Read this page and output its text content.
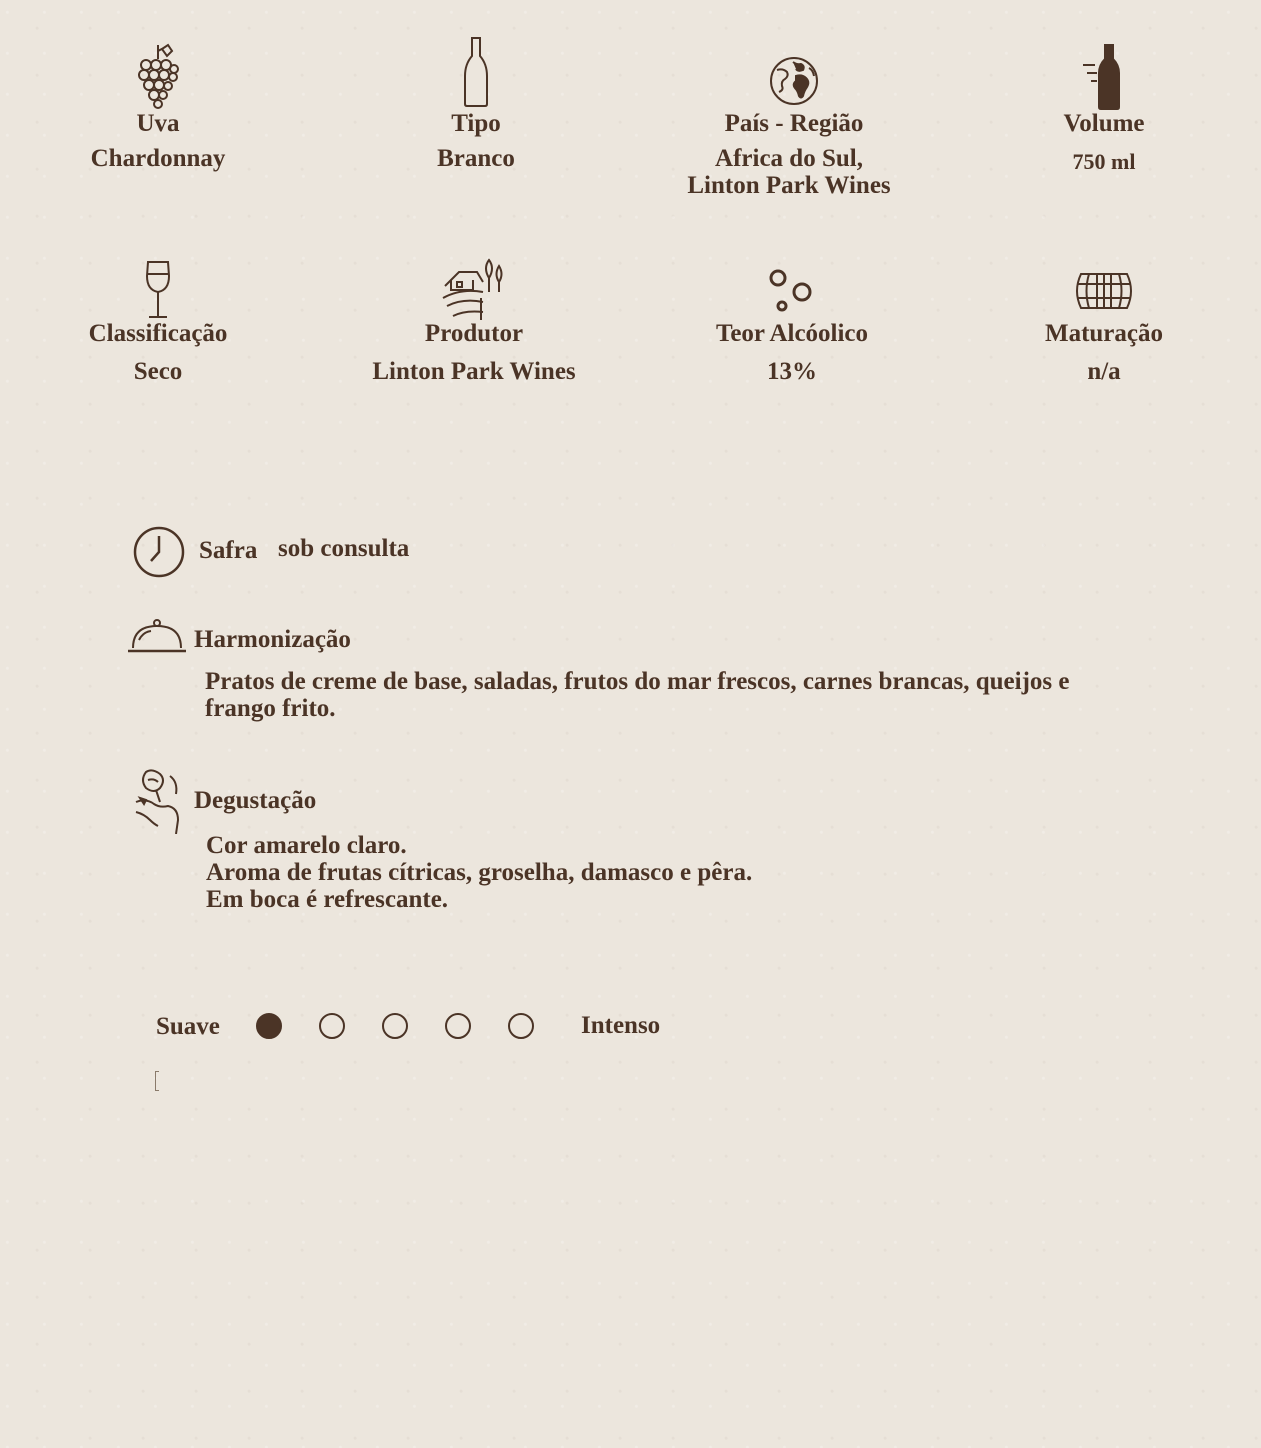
Uva
Chardonnay
Tipo
Branco
País - Região
Africa do Sul,
Linton Park Wines
Volume
750 ml
Classificação
Seco
Produtor
Linton Park Wines
Teor Alcóolico
13%
Maturação
n/a
Safra sob consulta
Harmonização
Pratos de creme de base, saladas, frutos do mar frescos, carnes brancas, queijos e
frango frito.
Degustação
Cor amarelo claro.
Aroma de frutas cítricas, groselha, damasco e pêra.
Em boca é refrescante.
Suave	Intenso
